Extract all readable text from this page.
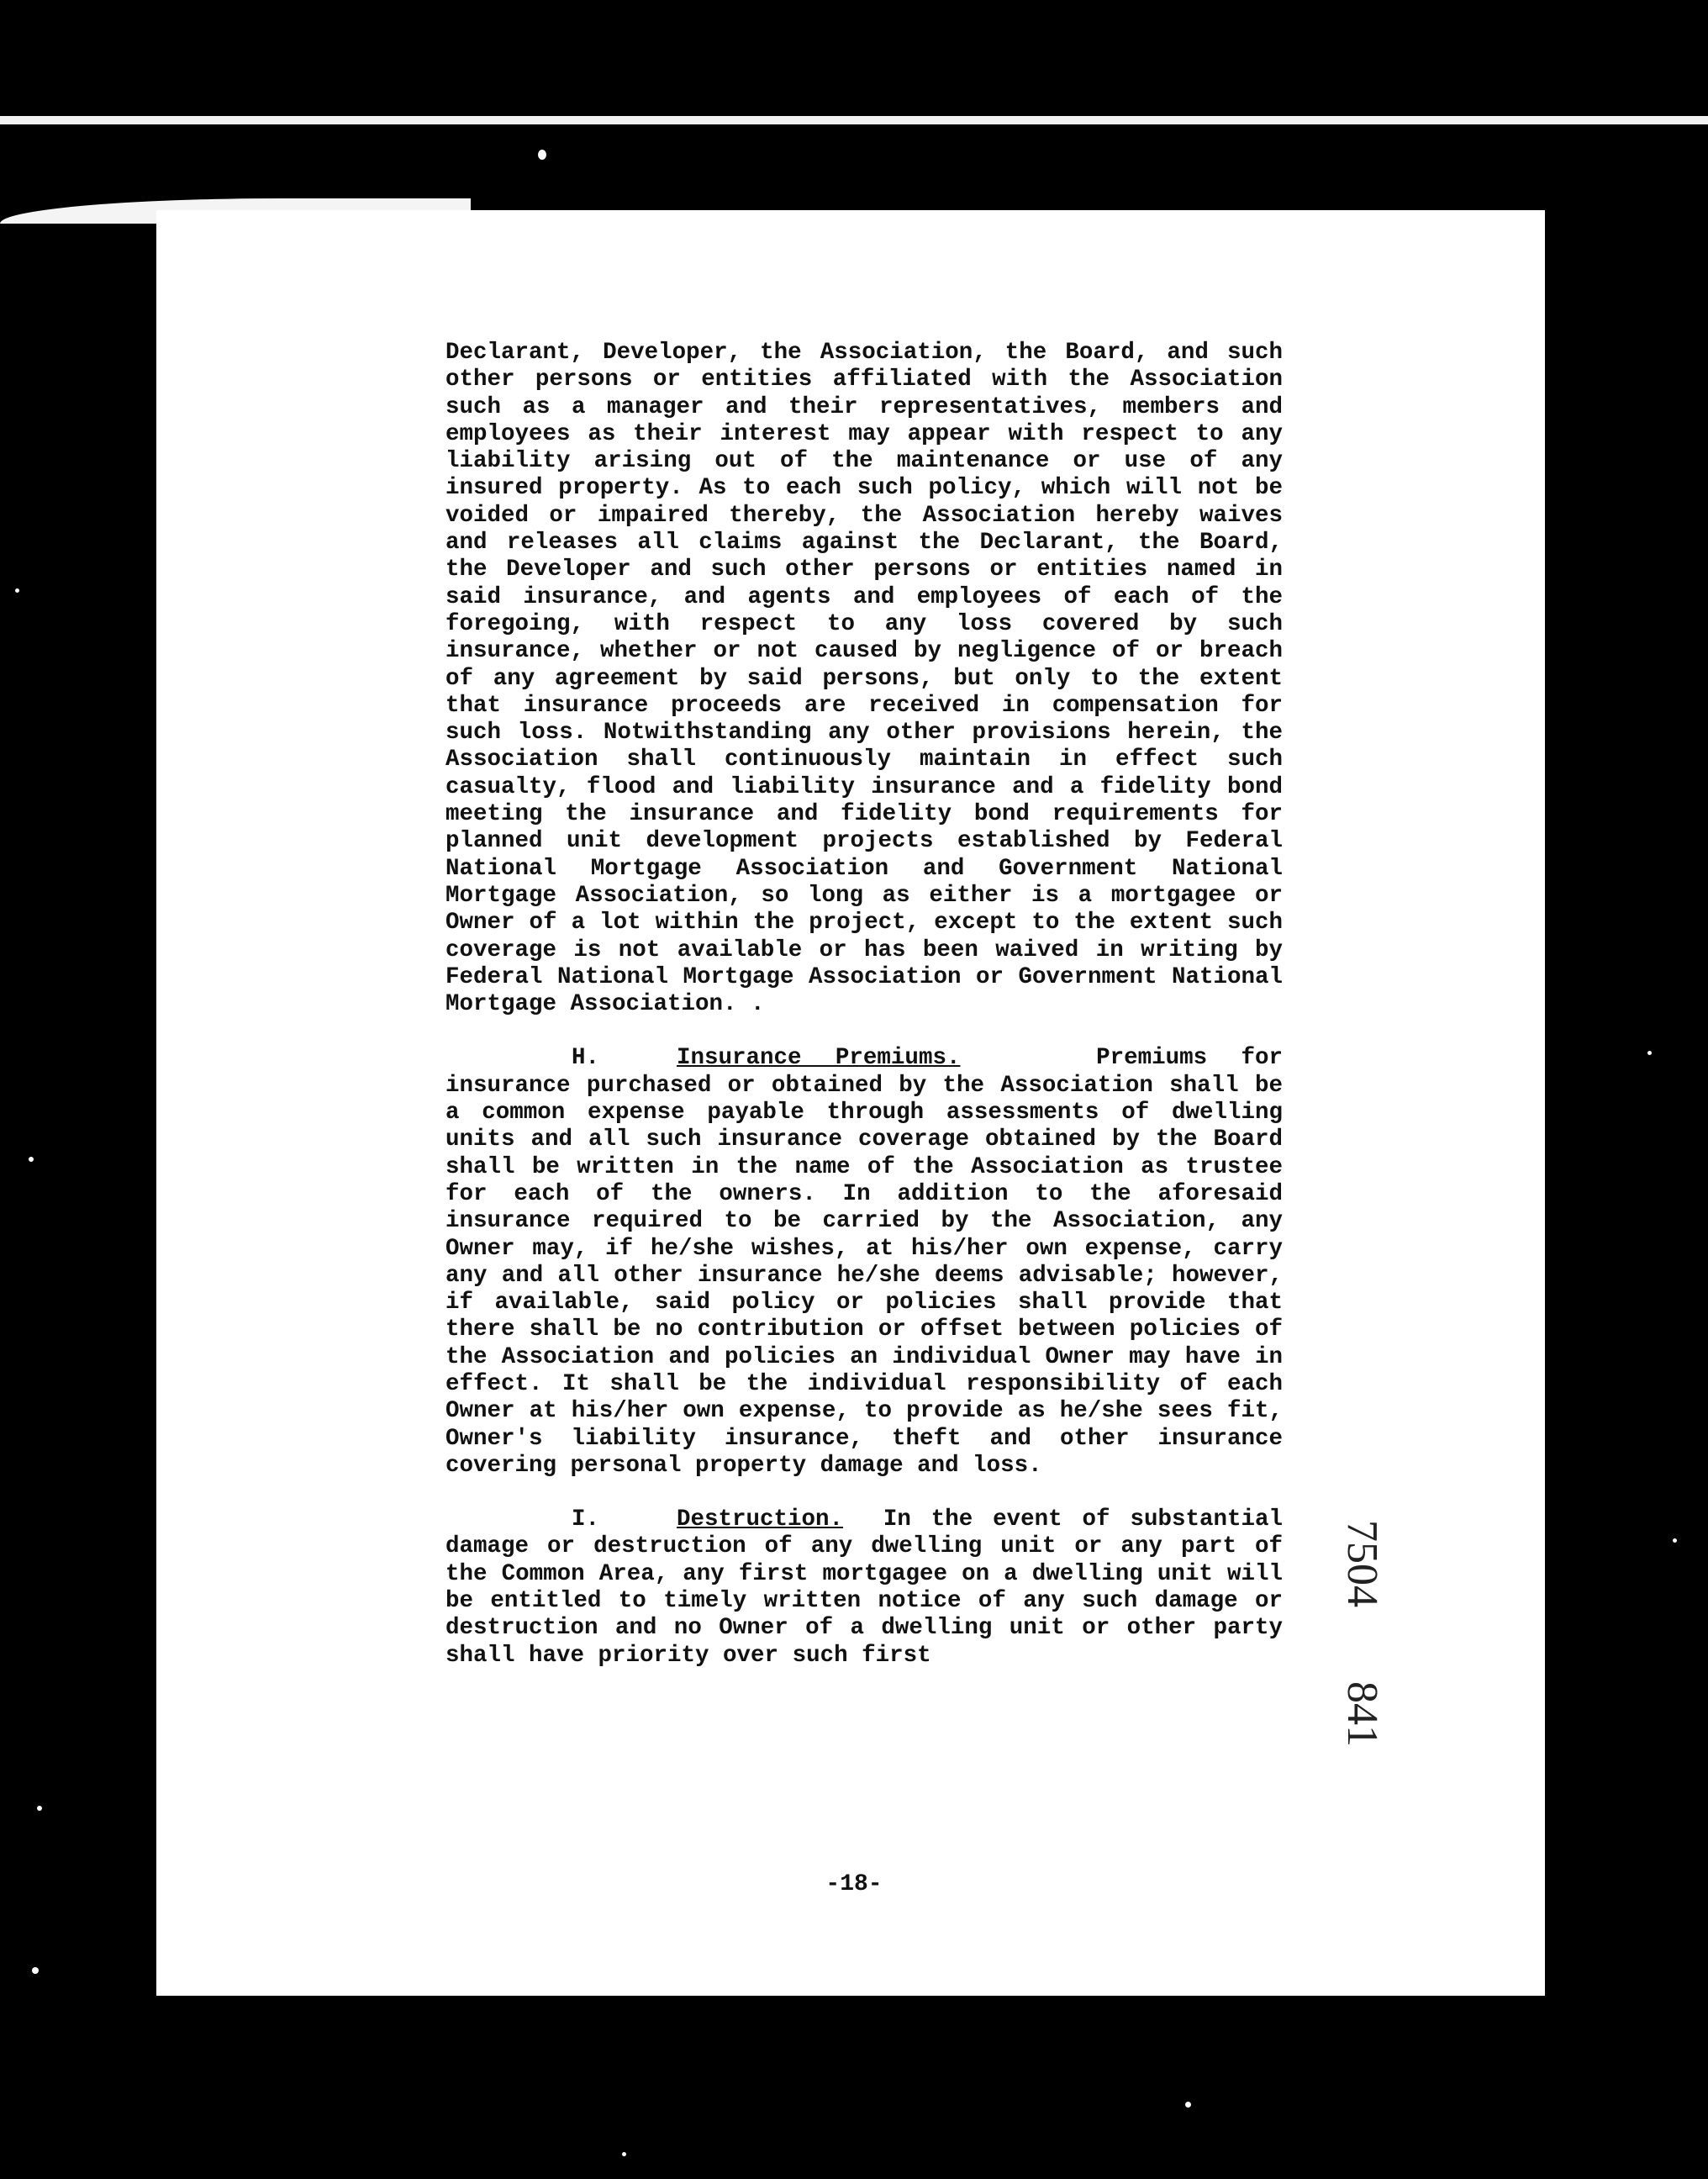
Declarant, Developer, the Association, the Board, and such other persons or entities affiliated with the Association such as a manager and their representatives, members and employees as their interest may appear with respect to any liability arising out of the maintenance or use of any insured property. As to each such policy, which will not be voided or impaired thereby, the Association hereby waives and releases all claims against the Declarant, the Board, the Developer and such other persons or entities named in said insurance, and agents and employees of each of the foregoing, with respect to any loss covered by such insurance, whether or not caused by negligence of or breach of any agreement by said persons, but only to the extent that insurance proceeds are received in compensation for such loss. Notwithstanding any other provisions herein, the Association shall continuously maintain in effect such casualty, flood and liability insurance and a fidelity bond meeting the insurance and fidelity bond requirements for planned unit development projects established by Federal National Mortgage Association and Government National Mortgage Association, so long as either is a mortgagee or Owner of a lot within the project, except to the extent such coverage is not available or has been waived in writing by Federal National Mortgage Association or Government National Mortgage Association. .

H.	Insurance Premiums.	Premiums for insurance purchased or obtained by the Association shall be a common expense payable through assessments of dwelling units and all such insurance coverage obtained by the Board shall be written in the name of the Association as trustee for each of the owners. In addition to the aforesaid insurance required to be carried by the Association, any Owner may, if he/she wishes, at his/her own expense, carry any and all other insurance he/she deems advisable; however, if available, said policy or policies shall provide that there shall be no contribution or offset between policies of the Association and policies an individual Owner may have in effect. It shall be the individual responsibility of each Owner at his/her own expense, to provide as he/she sees fit, Owner's liability insurance, theft and other insurance covering personal property damage and loss.

I.	Destruction. In the event of substantial damage or destruction of any dwelling unit or any part of the Common Area, any first mortgagee on a dwelling unit will be entitled to timely written notice of any such damage or destruction and no Owner of a dwelling unit or other party shall have priority over such first

-18-
7504
841
